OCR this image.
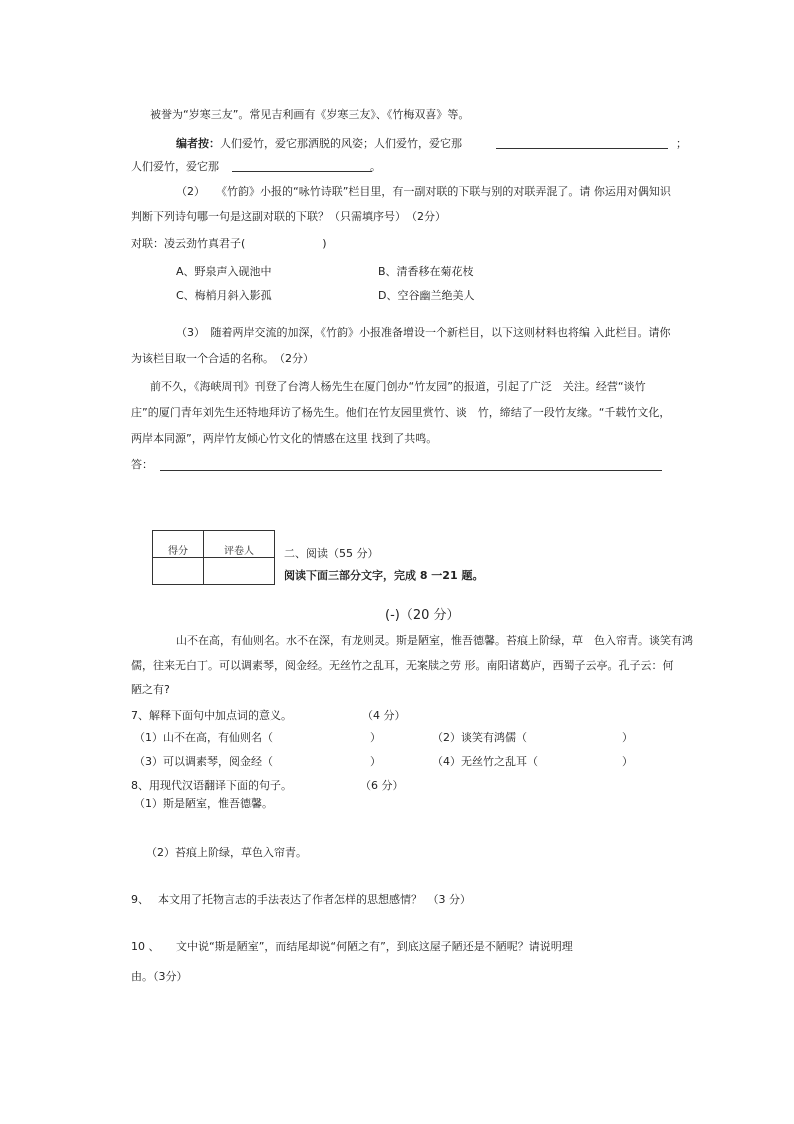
被誉为“岁寒三友”。常见吉利画有《岁寒三友》、《竹梅双喜》等。
编者按：人们爱竹，爱它那洒脱的风姿；人们爱竹，爱它那	；
人们爱竹，爱它那	。
（2）　　《竹韵》小报的“咏竹诗联”栏目里，有一副对联的下联与别的对联弄混了。请 你运用对偶知识
判断下列诗句哪一句是这副对联的下联？（只需填序号）　（2分）
对联：凌云劲竹真君子(　　　　　　　)
A、野泉声入砚池中	B、清香移在菊花枝
C、梅梢月斜入影孤	D、空谷幽兰绝美人
（3）　随着两岸交流的加深，《竹韵》小报准备增设一个新栏目，以下这则材料也将编 入此栏目。请你
为该栏目取一个合适的名称。　（2分）
前不久，《海峡周刊》刊登了台湾人杨先生在厦门创办“竹友园”的报道，引起了广泛　关注。经营“谈竹
庄”的厦门青年刘先生还特地拜访了杨先生。他们在竹友园里赏竹、谈　竹，缔结了一段竹友缘。“千载竹文化，
两岸本同源”，两岸竹友倾心竹文化的情感在这里 找到了共鸣。
答：
得分	评卷人
		二、阅读（55 分）
阅读下面三部分文字，完成 8 一21 题。
(-)（20 分）
山不在高，有仙则名。水不在深，有龙则灵。斯是陋室，惟吾德馨。苔痕上阶绿，草　色入帘青。谈笑有鸿
儒，往来无白丁。可以调素琴，阅金经。无丝竹之乱耳，无案牍之劳 形。南阳诸葛庐，西蜀子云亭。孔子云：何
陋之有?
7、解释下面句中加点词的意义。	（4 分）
（1）山不在高，有仙则名（	）	（2）谈笑有鸿儒（	）
（3）可以调素琴，阅金经（	）	（4）无丝竹之乱耳（	）
8、用现代汉语翻译下面的句子。	（6 分）
（1）斯是陋室，惟吾德馨。
（2）苔痕上阶绿，草色入帘青。
9、 本文用了托物言志的手法表达了作者怎样的思想感情？　（3 分）
10 、 文中说“斯是陋室”，而结尾却说“何陋之有”，到底这屋子陋还是不陋呢？请说明理
由。（3分）
